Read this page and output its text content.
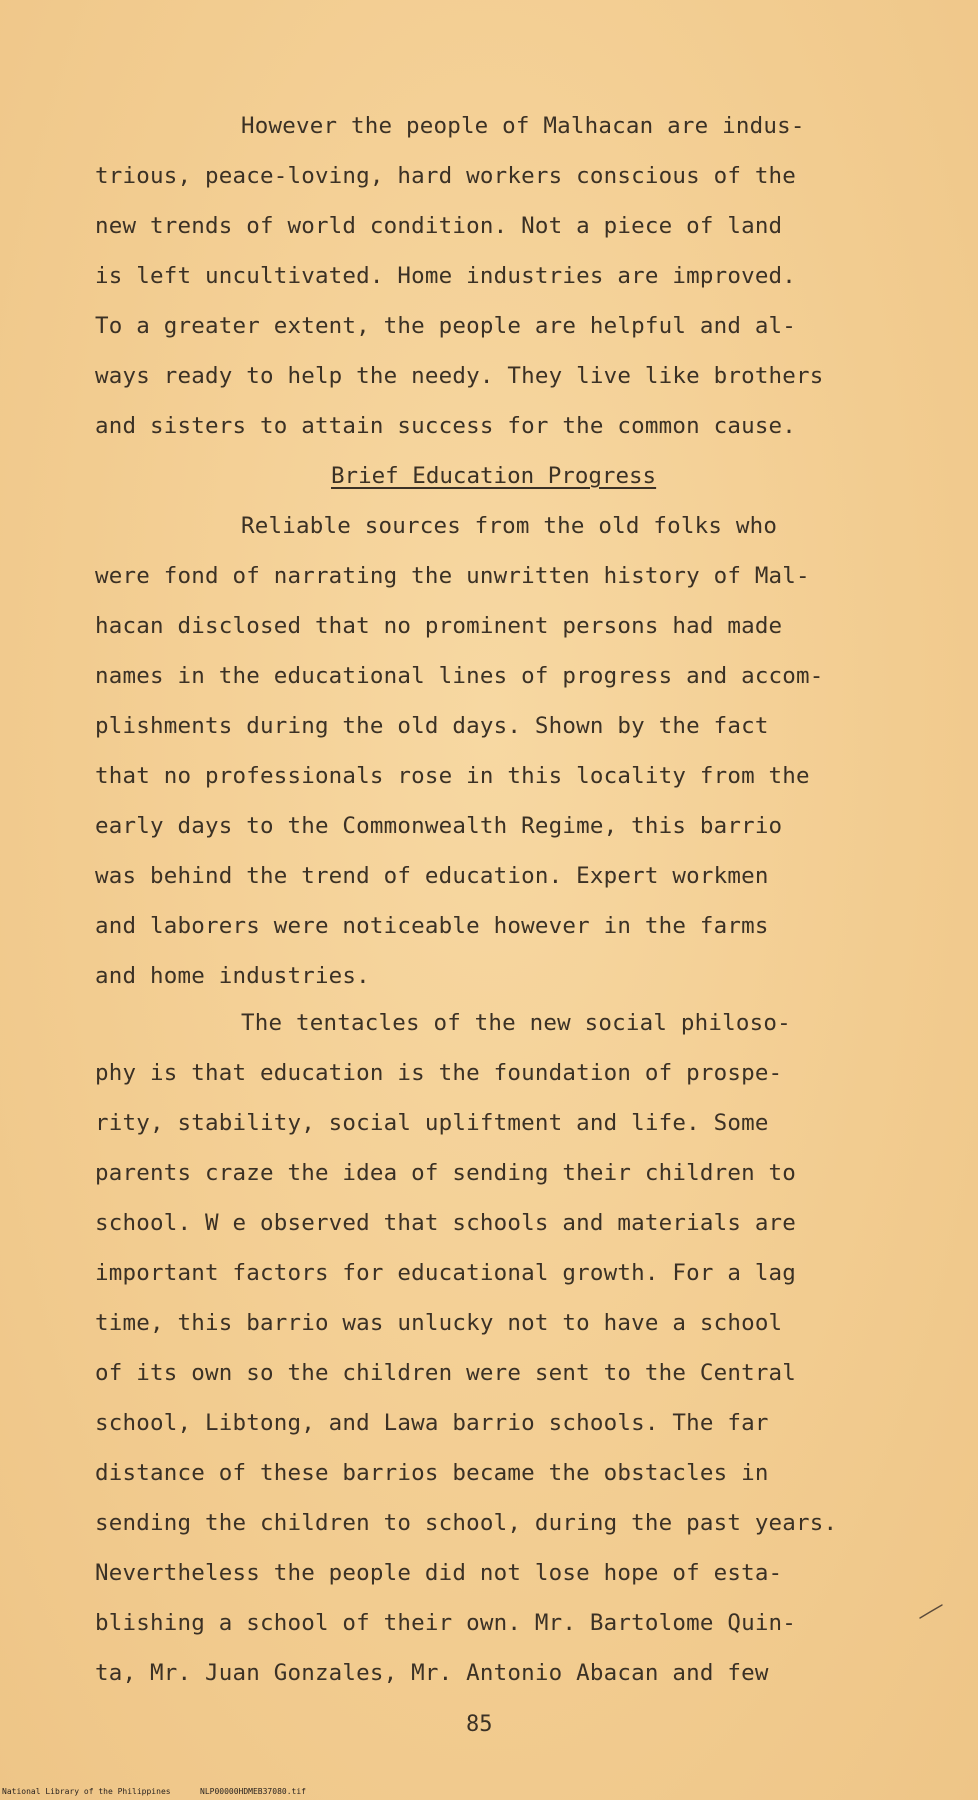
However the people of Malhacan are indus-
trious, peace-loving, hard workers conscious of the
new trends of world condition. Not a piece of land
is left uncultivated. Home industries are improved.
To a greater extent, the people are helpful and al-
ways ready to help the needy. They live like brothers
and sisters to attain success for the common cause.
Brief Education Progress
Reliable sources from the old folks who
were fond of narrating the unwritten history of Mal-
hacan disclosed that no prominent persons had made
names in the educational lines of progress and accom-
plishments during the old days. Shown by the fact
that no professionals rose in this locality from the
early days to the Commonwealth Regime, this barrio
was behind the trend of education. Expert workmen
and laborers were noticeable however in the farms
and home industries.
The tentacles of the new social philoso-
phy is that education is the foundation of prospe-
rity, stability, social upliftment and life. Some
parents craze the idea of sending their children to
school. W e observed that schools and materials are
important factors for educational growth. For a lag
time, this barrio was unlucky not to have a school
of its own so the children were sent to the Central
school, Libtong, and Lawa barrio schools. The far
distance of these barrios became the obstacles in
sending the children to school, during the past years.
Nevertheless the people did not lose hope of esta-
blishing a school of their own. Mr. Bartolome Quin-
ta, Mr. Juan Gonzales, Mr. Antonio Abacan and few
85
National Library of the Philippines	NLP00000HDMEB37080.tif
